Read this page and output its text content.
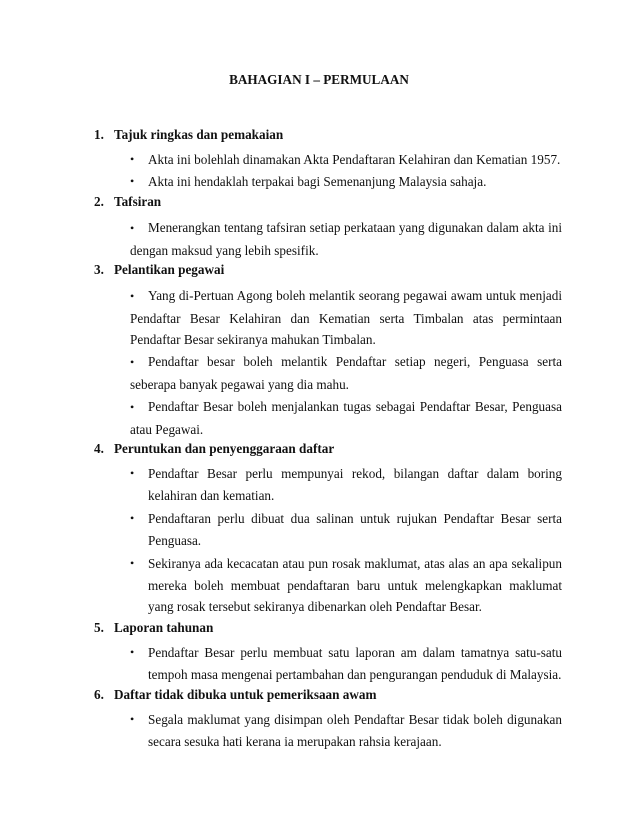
BAHAGIAN I – PERMULAAN
1. Tajuk ringkas dan pemakaian
•	Akta ini bolehlah dinamakan Akta Pendaftaran Kelahiran dan Kematian 1957.
•	Akta ini hendaklah terpakai bagi Semenanjung Malaysia sahaja.
2. Tafsiran
• Menerangkan tentang tafsiran setiap perkataan yang digunakan dalam akta ini dengan maksud yang lebih spesifik.
3. Pelantikan pegawai
• Yang di-Pertuan Agong boleh melantik seorang pegawai awam untuk menjadi Pendaftar Besar Kelahiran dan Kematian serta Timbalan atas permintaan Pendaftar Besar sekiranya mahukan Timbalan.
• Pendaftar besar boleh melantik Pendaftar setiap negeri, Penguasa serta seberapa banyak pegawai yang dia mahu.
• Pendaftar Besar boleh menjalankan tugas sebagai Pendaftar Besar, Penguasa atau Pegawai.
4. Peruntukan dan penyenggaraan daftar
•	Pendaftar Besar perlu mempunyai rekod, bilangan daftar dalam boring kelahiran dan kematian.
•	Pendaftaran perlu dibuat dua salinan untuk rujukan Pendaftar Besar serta Penguasa.
•	Sekiranya ada kecacatan atau pun rosak maklumat, atas alas an apa sekalipun mereka boleh membuat pendaftaran baru untuk melengkapkan maklumat yang rosak tersebut sekiranya dibenarkan oleh Pendaftar Besar.
5. Laporan tahunan
•	Pendaftar Besar perlu membuat satu laporan am dalam tamatnya satu-satu tempoh masa mengenai pertambahan dan pengurangan penduduk di Malaysia.
6. Daftar tidak dibuka untuk pemeriksaan awam
•	Segala maklumat yang disimpan oleh Pendaftar Besar tidak boleh digunakan secara sesuka hati kerana ia merupakan rahsia kerajaan.
